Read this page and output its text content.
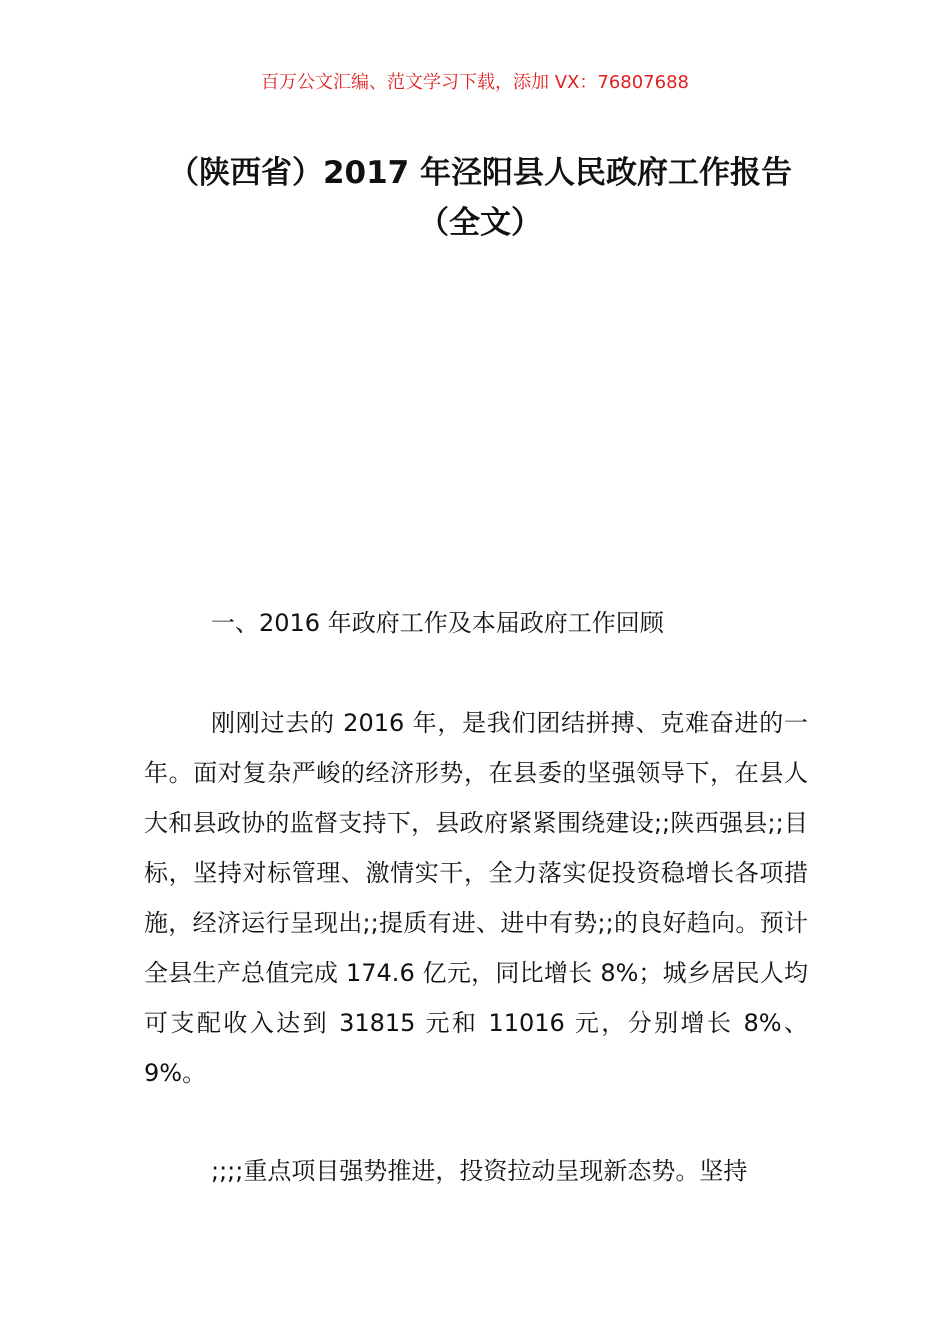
百万公文汇编、范文学习下载，添加 VX：76807688
（陕西省）2017 年泾阳县人民政府工作报告（全文）
一、2016 年政府工作及本届政府工作回顾
刚刚过去的 2016 年，是我们团结拼搏、克难奋进的一年。面对复杂严峻的经济形势，在县委的坚强领导下，在县人大和县政协的监督支持下，县政府紧紧围绕建设;;陕西强县;;目标，坚持对标管理、激情实干，全力落实促投资稳增长各项措施，经济运行呈现出;;提质有进、进中有势;;的良好趋向。预计全县生产总值完成 174.6 亿元，同比增长 8%；城乡居民人均可支配收入达到 31815 元和 11016 元，分别增长 8%、9%。
;;;;重点项目强势推进，投资拉动呈现新态势。坚持
